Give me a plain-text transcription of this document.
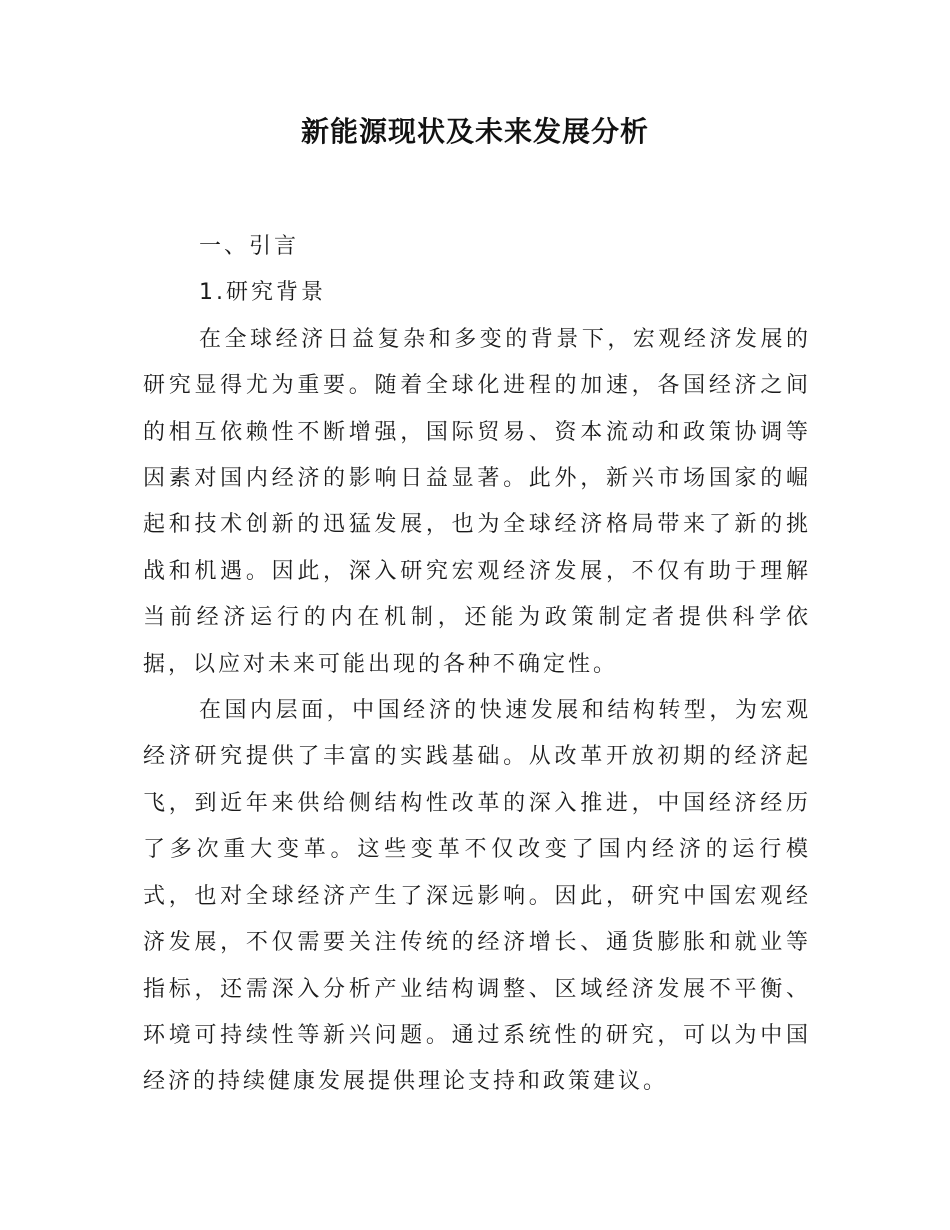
新能源现状及未来发展分析

一、引言

1.研究背景

在全球经济日益复杂和多变的背景下，宏观经济发展的研究显得尤为重要。随着全球化进程的加速，各国经济之间的相互依赖性不断增强，国际贸易、资本流动和政策协调等因素对国内经济的影响日益显著。此外，新兴市场国家的崛起和技术创新的迅猛发展，也为全球经济格局带来了新的挑战和机遇。因此，深入研究宏观经济发展，不仅有助于理解当前经济运行的内在机制，还能为政策制定者提供科学依据，以应对未来可能出现的各种不确定性。

在国内层面，中国经济的快速发展和结构转型，为宏观经济研究提供了丰富的实践基础。从改革开放初期的经济起飞，到近年来供给侧结构性改革的深入推进，中国经济经历了多次重大变革。这些变革不仅改变了国内经济的运行模式，也对全球经济产生了深远影响。因此，研究中国宏观经济发展，不仅需要关注传统的经济增长、通货膨胀和就业等指标，还需深入分析产业结构调整、区域经济发展不平衡、环境可持续性等新兴问题。通过系统性的研究，可以为中国经济的持续健康发展提供理论支持和政策建议。
